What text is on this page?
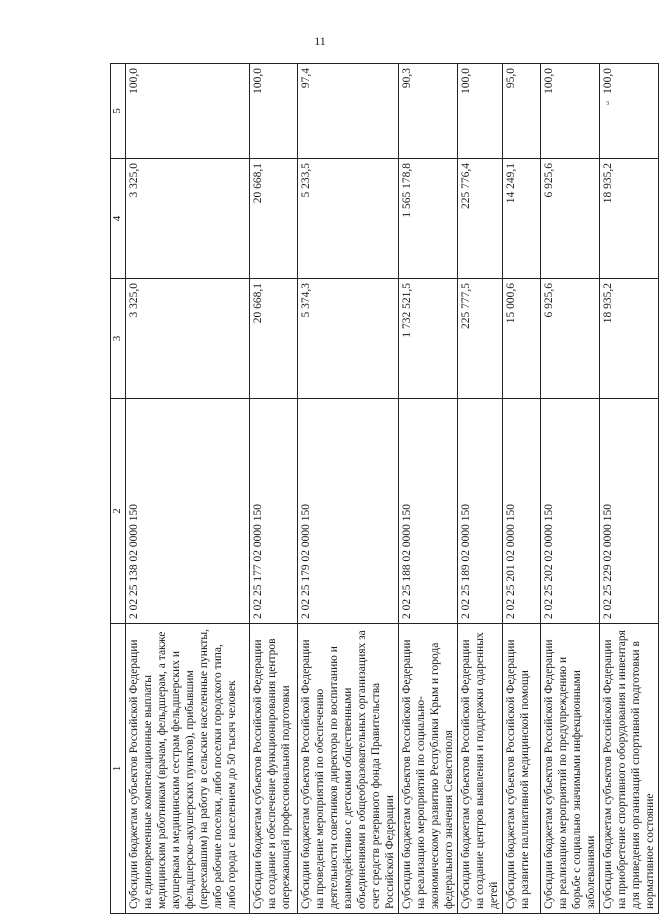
11
з
1	2	3	4	5
Субсидии бюджетам субъектов Российской Федерации на единовременные компенсационные выплаты медицинским работникам (врачам, фельдшерам, а также акушеркам и медицинским сестрам фельдшерских и фельдшерско-акушерских пунктов), прибывшим (переехавшим) на работу в сельские населенные пункты, либо рабочие поселки, либо поселки городского типа, либо города с населением до 50 тысяч человек	2 02 25 138 02 0000 150	3 325,0	3 325,0	100,0
Субсидии бюджетам субъектов Российской Федерации на создание и обеспечение функционирования центров опережающей профессиональной подготовки	2 02 25 177 02 0000 150	20 668,1	20 668,1	100,0
Субсидии бюджетам субъектов Российской Федерации на проведение мероприятий по обеспечению деятельности советников директора по воспитанию и взаимодействию с детскими общественными объединениями в общеобразовательных организациях за счет средств резервного фонда Правительства Российской Федерации	2 02 25 179 02 0000 150	5 374,3	5 233,5	97,4
Субсидии бюджетам субъектов Российской Федерации на реализацию мероприятий по социально-экономическому развитию Республики Крым и города федерального значения Севастополя	2 02 25 188 02 0000 150	1 732 521,5	1 565 178,8	90,3
Субсидии бюджетам субъектов Российской Федерации на создание центров выявления и поддержки одаренных детей	2 02 25 189 02 0000 150	225 777,5	225 776,4	100,0
Субсидии бюджетам субъектов Российской Федерации на развитие паллиативной медицинской помощи	2 02 25 201 02 0000 150	15 000,6	14 249,1	95,0
Субсидии бюджетам субъектов Российской Федерации на реализацию мероприятий по предупреждению и борьбе с социально значимыми инфекционными заболеваниями	2 02 25 202 02 0000 150	6 925,6	6 925,6	100,0
Субсидии бюджетам субъектов Российской Федерации на приобретение спортивного оборудования и инвентаря для приведения организаций спортивной подготовки в нормативное состояние	2 02 25 229 02 0000 150	18 935,2	18 935,2	100,0
